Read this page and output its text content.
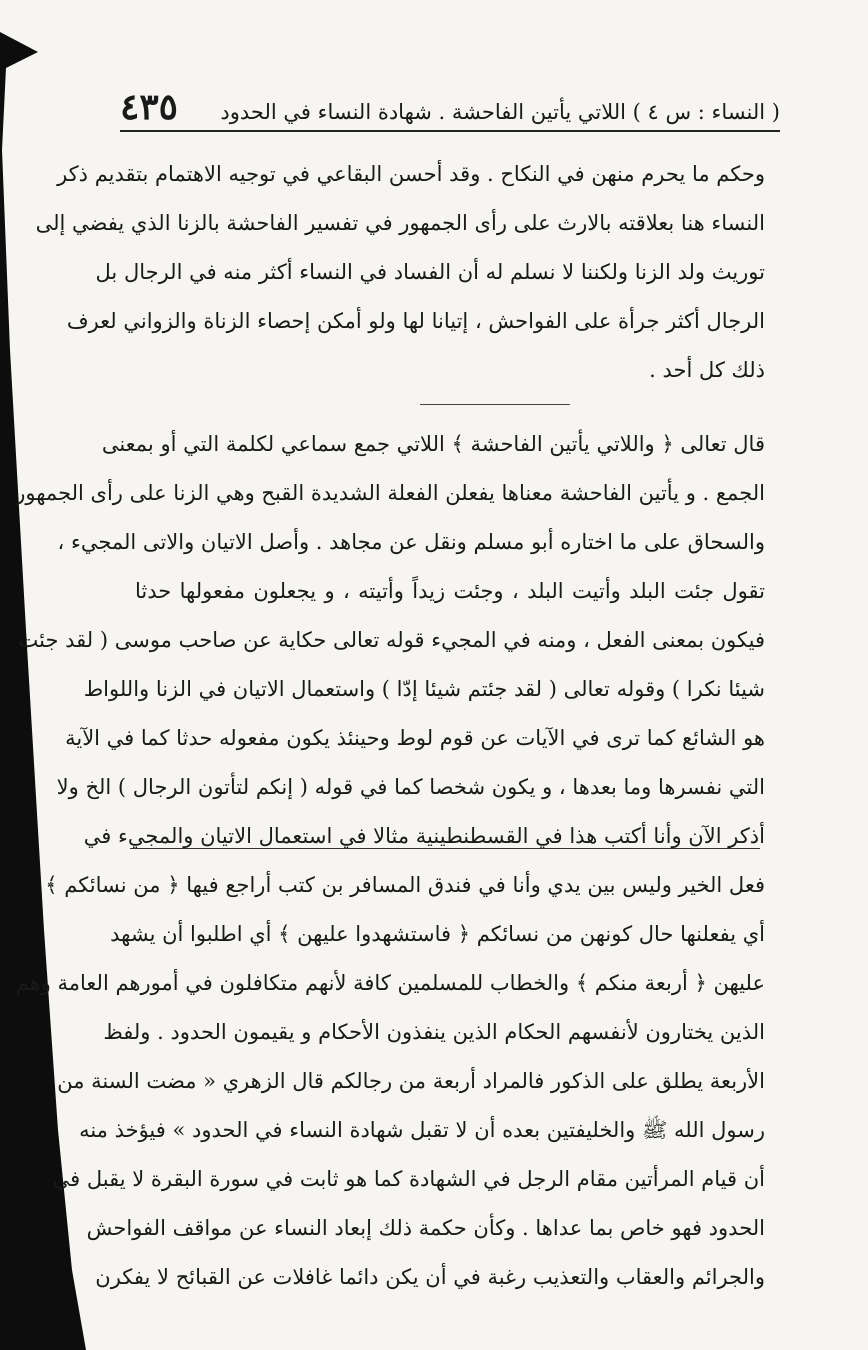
( النساء : س ٤ ) اللاتي يأتين الفاحشة . شهادة النساء في الحدود
٤٣٥
وحكم ما يحرم منهن في النكاح . وقد أحسن البقاعي في توجيه الاهتمام بتقديم ذكر
النساء هنا بعلاقته بالارث على رأى الجمهور في تفسير الفاحشة بالزنا الذي يفضي إلى
توريث ولد الزنا ولكننا لا نسلم له أن الفساد في النساء أكثر منه في الرجال بل
الرجال أكثر جرأة على الفواحش ، إتيانا لها ولو أمكن إحصاء الزناة والزواني لعرف
ذلك كل أحد .
قال تعالى ﴿ واللاتي يأتين الفاحشة ﴾ اللاتي جمع سماعي لكلمة التي أو بمعنى
الجمع . و يأتين الفاحشة معناها يفعلن الفعلة الشديدة القبح وهي الزنا على رأى الجمهور
والسحاق على ما اختاره أبو مسلم ونقل عن مجاهد . وأصل الاتيان والاتى المجيء ،
تقول جئت البلد وأتيت البلد ، وجئت زيداً وأتيته ، و يجعلون مفعولها حدثا
فيكون بمعنى الفعل ، ومنه في المجيء قوله تعالى حكاية عن صاحب موسى ( لقد جئت
شيئا نكرا ) وقوله تعالى ( لقد جئتم شيئا إدّا ) واستعمال الاتيان في الزنا واللواط
هو الشائع كما ترى في الآيات عن قوم لوط وحينئذ يكون مفعوله حدثا كما في الآية
التي نفسرها وما بعدها ، و يكون شخصا كما في قوله ( إنكم لتأتون الرجال ) الخ ولا
أذكر الآن وأنا أكتب هذا في القسطنطينية مثالا في استعمال الاتيان والمجيء في
فعل الخير وليس بين يدي وأنا في فندق المسافر بن كتب أراجع فيها ﴿ من نسائكم ﴾
أي يفعلنها حال كونهن من نسائكم ﴿ فاستشهدوا عليهن ﴾ أي اطلبوا أن يشهد
عليهن ﴿ أربعة منكم ﴾ والخطاب للمسلمين كافة لأنهم متكافلون في أمورهم العامة وهم
الذين يختارون لأنفسهم الحكام الذين ينفذون الأحكام و يقيمون الحدود . ولفظ
الأربعة يطلق على الذكور فالمراد أربعة من رجالكم قال الزهري « مضت السنة من
رسول الله ﷺ والخليفتين بعده أن لا تقبل شهادة النساء في الحدود » فيؤخذ منه
أن قيام المرأتين مقام الرجل في الشهادة كما هو ثابت في سورة البقرة لا يقبل في
الحدود فهو خاص بما عداها . وكأن حكمة ذلك إبعاد النساء عن مواقف الفواحش
والجرائم والعقاب والتعذيب رغبة في أن يكن دائما غافلات عن القبائح لا يفكرن
